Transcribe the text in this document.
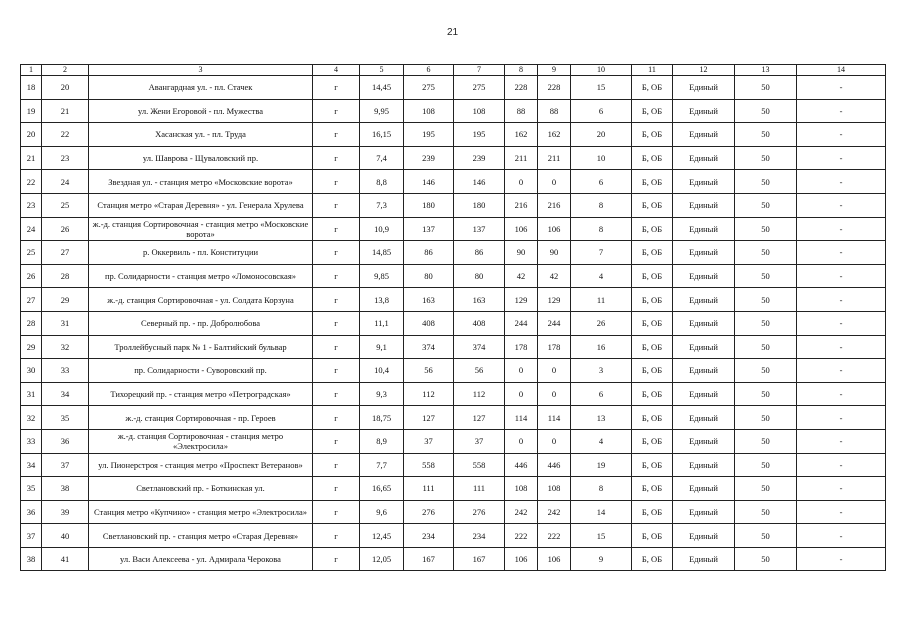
21
1	2	3	4	5	6	7	8	9	10	11	12	13	14
18	20	Авангардная ул. - пл. Стачек	г	14,45	275	275	228	228	15	Б, ОБ	Единый	50	-
19	21	ул. Жени Егоровой - пл. Мужества	г	9,95	108	108	88	88	6	Б, ОБ	Единый	50	-
20	22	Хасанская ул. - пл. Труда	г	16,15	195	195	162	162	20	Б, ОБ	Единый	50	-
21	23	ул. Шаврова - Щуваловский пр.	г	7,4	239	239	211	211	10	Б, ОБ	Единый	50	-
22	24	Звездная ул. - станция метро «Московские ворота»	г	8,8	146	146	0	0	6	Б, ОБ	Единый	50	-
23	25	Станция метро «Старая Деревня» - ул. Генерала Хрулева	г	7,3	180	180	216	216	8	Б, ОБ	Единый	50	-
24	26	ж.-д. станция Сортировочная - станция метро «Московские ворота»	г	10,9	137	137	106	106	8	Б, ОБ	Единый	50	-
25	27	р. Оккервиль - пл. Конституции	г	14,85	86	86	90	90	7	Б, ОБ	Единый	50	-
26	28	пр. Солидарности - станция метро «Ломоносовская»	г	9,85	80	80	42	42	4	Б, ОБ	Единый	50	-
27	29	ж.-д. станция Сортировочная - ул. Солдата Корзуна	г	13,8	163	163	129	129	11	Б, ОБ	Единый	50	-
28	31	Северный пр. - пр. Добролюбова	г	11,1	408	408	244	244	26	Б, ОБ	Единый	50	-
29	32	Троллейбусный парк № 1 - Балтийский бульвар	г	9,1	374	374	178	178	16	Б, ОБ	Единый	50	-
30	33	пр. Солидарности - Суворовский пр.	г	10,4	56	56	0	0	3	Б, ОБ	Единый	50	-
31	34	Тихорецкий пр. - станция метро «Петроградская»	г	9,3	112	112	0	0	6	Б, ОБ	Единый	50	-
32	35	ж.-д. станция Сортировочная - пр. Героев	г	18,75	127	127	114	114	13	Б, ОБ	Единый	50	-
33	36	ж.-д. станция Сортировочная - станция метро «Электросила»	г	8,9	37	37	0	0	4	Б, ОБ	Единый	50	-
34	37	ул. Пионерстроя - станция метро «Проспект Ветеранов»	г	7,7	558	558	446	446	19	Б, ОБ	Единый	50	-
35	38	Светлановский пр. - Боткинская ул.	г	16,65	111	111	108	108	8	Б, ОБ	Единый	50	-
36	39	Станция метро «Купчино» - станция метро «Электросила»	г	9,6	276	276	242	242	14	Б, ОБ	Единый	50	-
37	40	Светлановский пр. - станция метро «Старая Деревня»	г	12,45	234	234	222	222	15	Б, ОБ	Единый	50	-
38	41	ул. Васи Алексеева - ул. Адмирала Черокова	г	12,05	167	167	106	106	9	Б, ОБ	Единый	50	-
